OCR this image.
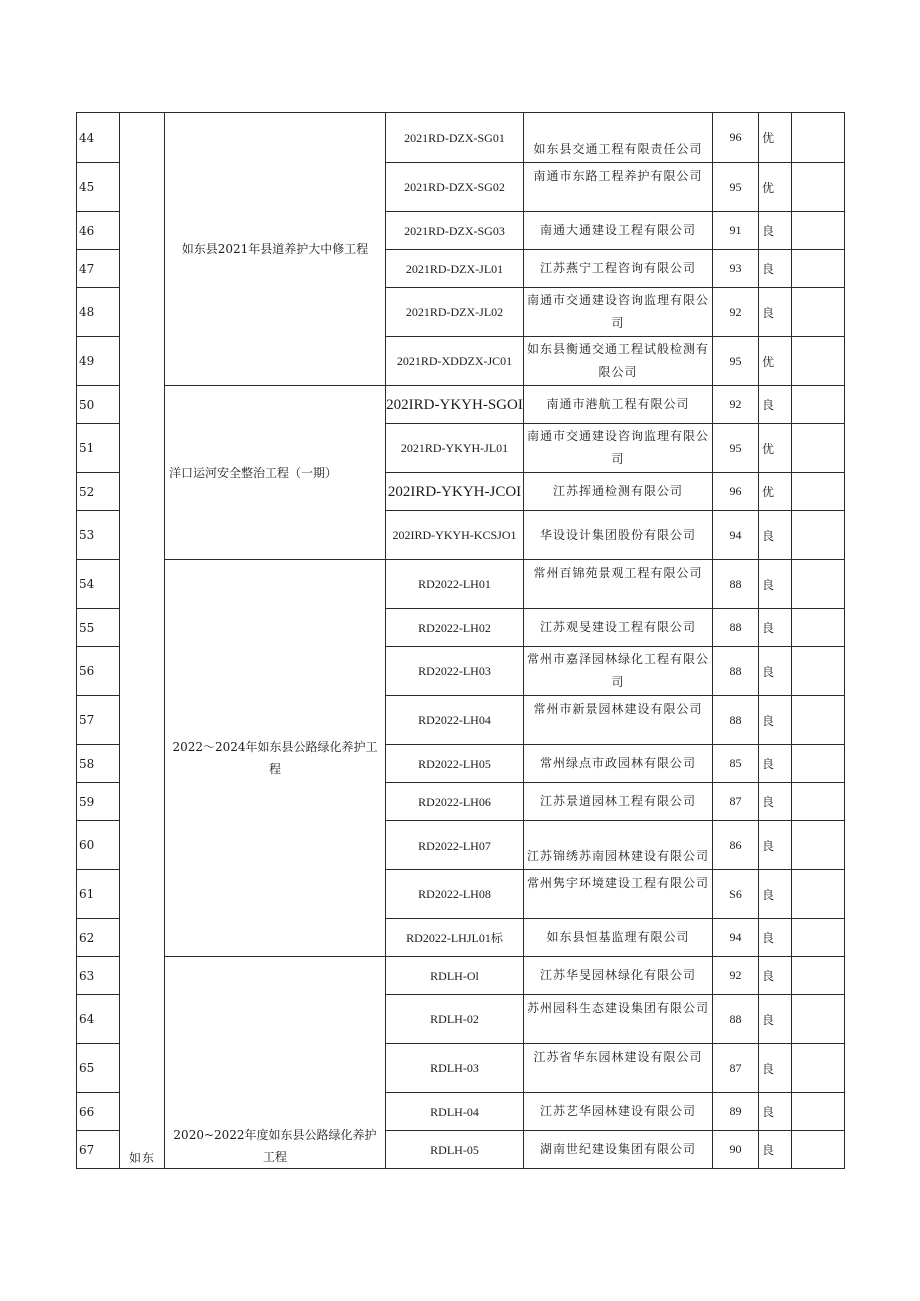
44	如东	如东县2021年县道养护大中修工程	2021RD-DZX-SG01	如东县交通工程有限责任公司	96	优	
45			2021RD-DZX-SG02	南通市东路工程养护有限公司	95	优	
46			2021RD-DZX-SG03	南通大通建设工程有限公司	91	良	
47			2021RD-DZX-JL01	江苏燕宁工程咨询有限公司	93	良	
48			2021RD-DZX-JL02	南通市交通建设咨询监理有限公司	92	良	
49			2021RD-XDDZX-JC01	如东县衡通交通工程试般检测有限公司	95	优	
50		洋口运河安全整治工程（一期）	202IRD-YKYH-SGOI	南通市港航工程有限公司	92	良	
51			2021RD-YKYH-JL01	南通市交通建设咨询监理有限公司	95	优	
52			202IRD-YKYH-JCOI	江苏挥通检测有限公司	96	优	
53			202IRD-YKYH-KCSJO1	华设设计集团股份有限公司	94	良	
54		2022～2024年如东县公路绿化养护工程	RD2022-LH01	常州百锦苑景观工程有限公司	88	良	
55			RD2022-LH02	江苏观旻建设工程有限公司	88	良	
56			RD2022-LH03	常州市嘉泽园林绿化工程有限公司	88	良	
57			RD2022-LH04	常州市新景园林建设有限公司	88	良	
58			RD2022-LH05	常州绿点市政园林有限公司	85	良	
59			RD2022-LH06	江苏景道园林工程有限公司	87	良	
60			RD2022-LH07	江苏锦绣苏南园林建设有限公司	86	良	
61			RD2022-LH08	常州隽宇环境建设工程有限公司	S6	良	
62			RD2022-LHJL01标	如东县恒基监理有限公司	94	良	
63		2020~2022年度如东县公路绿化养护工程	RDLH-Ol	江苏华旻园林绿化有限公司	92	良	
64			RDLH-02	苏州园科生态建设集团有限公司	88	良	
65			RDLH-03	江苏省华东园林建设有限公司	87	良	
66			RDLH-04	江苏艺华园林建设有限公司	89	良	
67			RDLH-05	湖南世纪建设集团有限公司	90	良	
